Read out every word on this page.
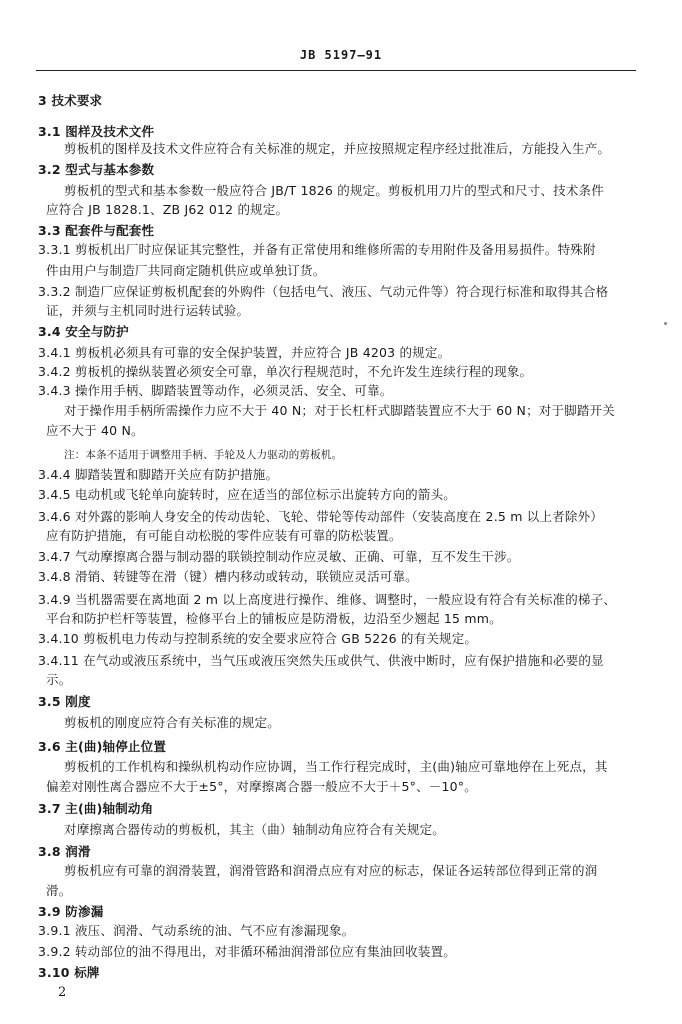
JB 5197—91
3 技术要求
3.1 图样及技术文件
剪板机的图样及技术文件应符合有关标准的规定，并应按照规定程序经过批准后，方能投入生产。
3.2 型式与基本参数
剪板机的型式和基本参数一般应符合 JB/T 1826 的规定。剪板机用刀片的型式和尺寸、技术条件
应符合 JB 1828.1、ZB J62 012 的规定。
3.3 配套件与配套性
3.3.1 剪板机出厂时应保证其完整性，并备有正常使用和维修所需的专用附件及备用易损件。特殊附
件由用户与制造厂共同商定随机供应或单独订货。
3.3.2 制造厂应保证剪板机配套的外购件（包括电气、液压、气动元件等）符合现行标准和取得其合格
证，并须与主机同时进行运转试验。
3.4 安全与防护
3.4.1 剪板机必须具有可靠的安全保护装置，并应符合 JB 4203 的规定。
3.4.2 剪板机的操纵装置必须安全可靠，单次行程规范时，不允许发生连续行程的现象。
3.4.3 操作用手柄、脚踏装置等动作，必须灵活、安全、可靠。
对于操作用手柄所需操作力应不大于 40 N；对于长杠杆式脚踏装置应不大于 60 N；对于脚踏开关
应不大于 40 N。
注：本条不适用于调整用手柄、手轮及人力驱动的剪板机。
3.4.4 脚踏装置和脚踏开关应有防护措施。
3.4.5 电动机或飞轮单向旋转时，应在适当的部位标示出旋转方向的箭头。
3.4.6 对外露的影响人身安全的传动齿轮、飞轮、带轮等传动部件（安装高度在 2.5 m 以上者除外）
应有防护措施，有可能自动松脱的零件应装有可靠的防松装置。
3.4.7 气动摩擦离合器与制动器的联锁控制动作应灵敏、正确、可靠，互不发生干涉。
3.4.8 滑销、转键等在滑（键）槽内移动或转动，联锁应灵活可靠。
3.4.9 当机器需要在离地面 2 m 以上高度进行操作、维修、调整时，一般应设有符合有关标准的梯子、
平台和防护栏杆等装置，检修平台上的铺板应是防滑板，边沿至少翘起 15 mm。
3.4.10 剪板机电力传动与控制系统的安全要求应符合 GB 5226 的有关规定。
3.4.11 在气动或液压系统中，当气压或液压突然失压或供气、供液中断时，应有保护措施和必要的显
示。
3.5 刚度
剪板机的刚度应符合有关标准的规定。
3.6 主(曲)轴停止位置
剪板机的工作机构和操纵机构动作应协调，当工作行程完成时，主(曲)轴应可靠地停在上死点，其
偏差对刚性离合器应不大于±5°，对摩擦离合器一般应不大于＋5°、－10°。
3.7 主(曲)轴制动角
对摩擦离合器传动的剪板机，其主（曲）轴制动角应符合有关规定。
3.8 润滑
剪板机应有可靠的润滑装置，润滑管路和润滑点应有对应的标志，保证各运转部位得到正常的润
滑。
3.9 防渗漏
3.9.1 液压、润滑、气动系统的油、气不应有渗漏现象。
3.9.2 转动部位的油不得甩出，对非循环稀油润滑部位应有集油回收装置。
3.10 标牌
2
